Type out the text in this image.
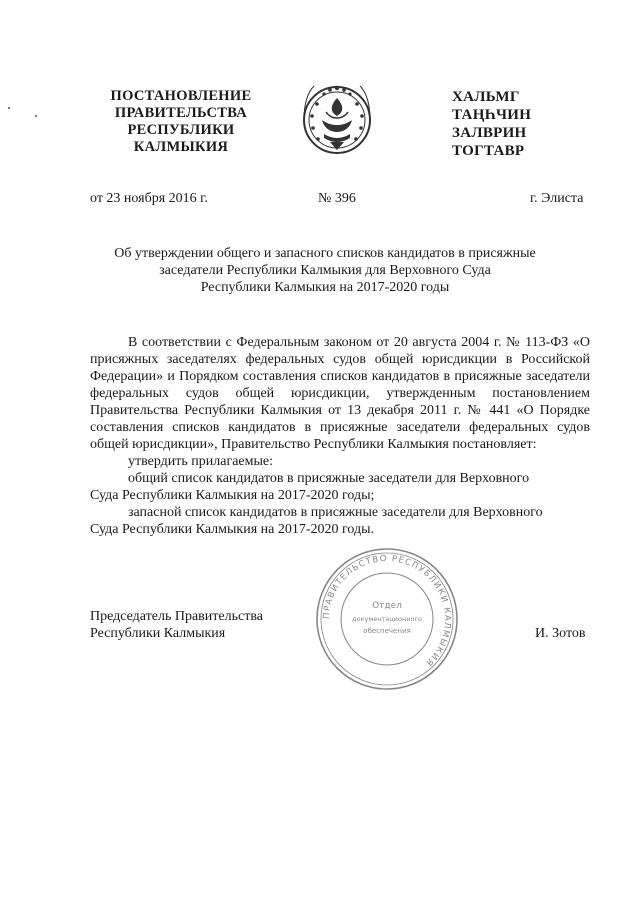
ПОСТАНОВЛЕНИЕ
ПРАВИТЕЛЬСТВА
РЕСПУБЛИКИ
КАЛМЫКИЯ
ХАЛЬМГ
ТАҢҺЧИН
ЗАЛВРИН
ТОГТАВР
от 23 ноября 2016 г.	№ 396	г. Элиста
Об утверждении общего и запасного списков кандидатов в присяжные
заседатели Республики Калмыкия для Верховного Суда
Республики Калмыкия на 2017-2020 годы

В соответствии с Федеральным законом от 20 августа 2004 г. № 113-ФЗ «О присяжных заседателях федеральных судов общей юрисдикции в Российской Федерации» и Порядком составления списков кандидатов в присяжные заседатели федеральных судов общей юрисдикции, утвержденным постановлением Правительства Республики Калмыкия от 13 декабря 2011 г. № 441 «О Порядке составления списков кандидатов в присяжные заседатели федеральных судов общей юрисдикции», Правительство Республики Калмыкия постановляет:

утвердить прилагаемые:

общий список кандидатов в присяжные заседатели для Верховного

Суда Республики Калмыкия на 2017-2020 годы;

запасной список кандидатов в присяжные заседатели для Верховного

Суда Республики Калмыкия на 2017-2020 годы.

ПРАВИТЕЛЬСТВО РЕСПУБЛИКИ КАЛМЫКИЯ
Отдел
документационного
обеспечения
Председатель Правительства
Республики Калмыкия	И. Зотов
